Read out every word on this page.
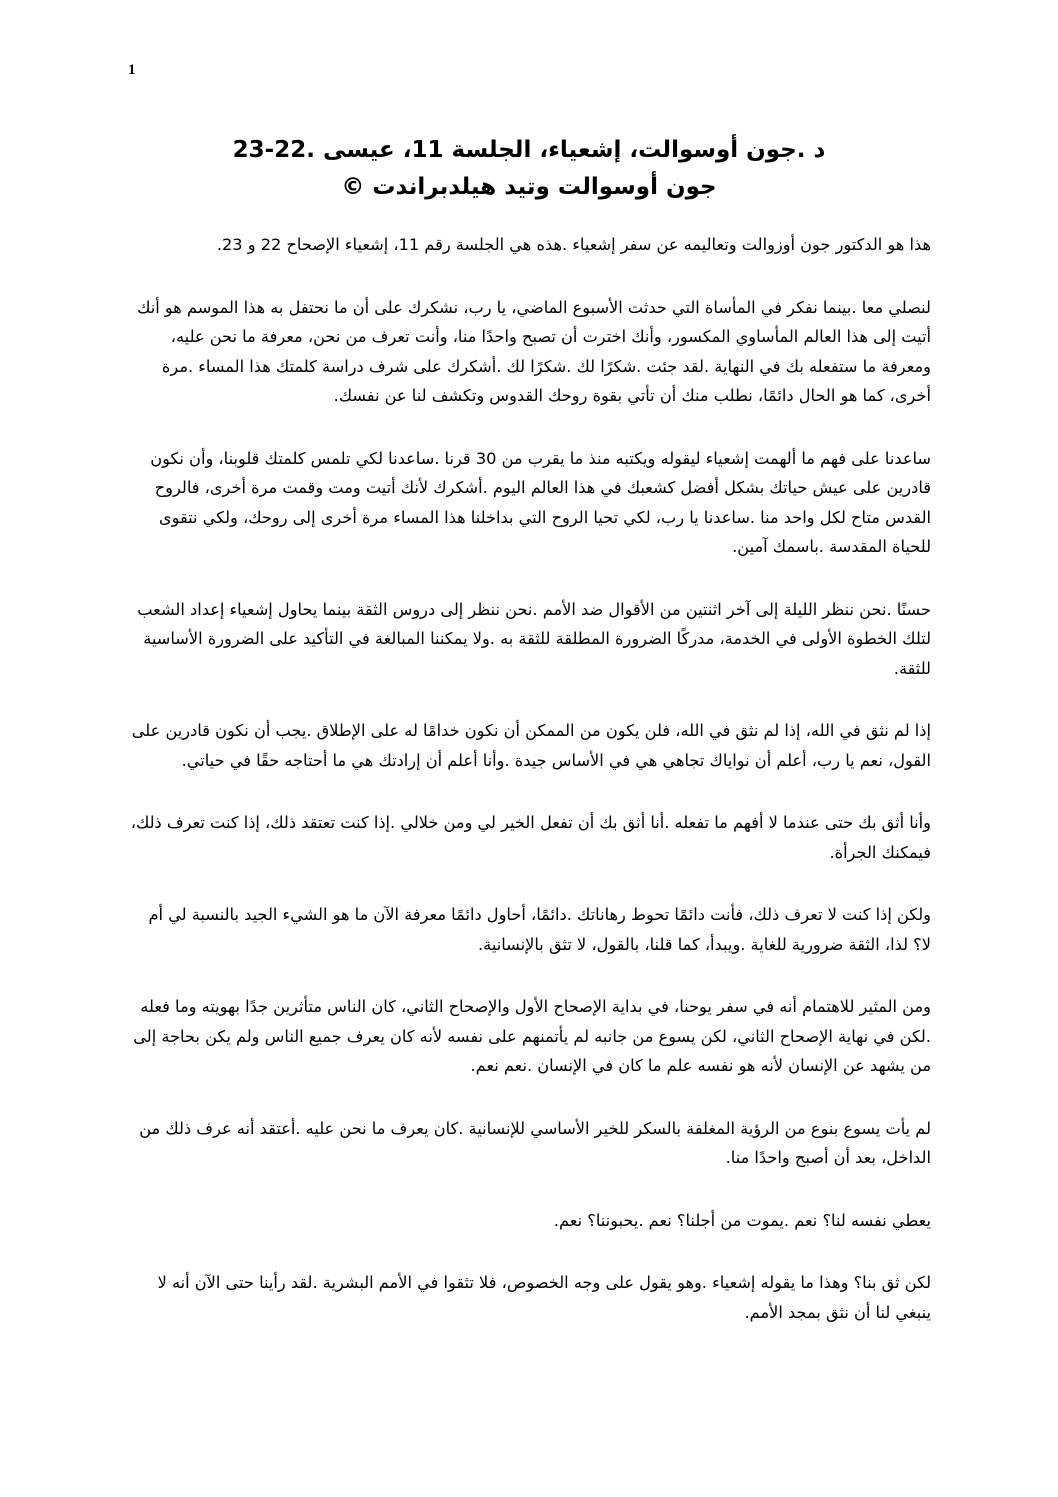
1
د .جون أوسوالت، إشعياء، الجلسة 11، عيسى .22-23
جون أوسوالت وتيد هيلدبراندت ©

هذا هو الدكتور جون أوزوالت وتعاليمه عن سفر إشعياء .هذه هي الجلسة رقم 11، إشعياء الإصحاح 22 و 23.

لنصلي معا .بينما نفكر في المأساة التي حدثت الأسبوع الماضي، يا رب، نشكرك على أن ما نحتفل به هذا الموسم هو أنك أتيت إلى هذا العالم المأساوي المكسور، وأنك اخترت أن تصبح واحدًا منا، وأنت تعرف من نحن، معرفة ما نحن عليه، ومعرفة ما ستفعله بك في النهاية .لقد جئت .شكرًا لك .شكرًا لك .أشكرك على شرف دراسة كلمتك هذا المساء .مرة أخرى، كما هو الحال دائمًا، نطلب منك أن تأتي بقوة روحك القدوس وتكشف لنا عن نفسك.

ساعدنا على فهم ما ألهمت إشعياء ليقوله ويكتبه منذ ما يقرب من 30 قرنا .ساعدنا لكي تلمس كلمتك قلوبنا، وأن نكون قادرين على عيش حياتك بشكل أفضل كشعبك في هذا العالم اليوم .أشكرك لأنك أتيت ومت وقمت مرة أخرى، فالروح القدس متاح لكل واحد منا .ساعدنا يا رب، لكي تحيا الروح التي بداخلنا هذا المساء مرة أخرى إلى روحك، ولكي نتقوى للحياة المقدسة .باسمك آمين.

حسنًا .نحن ننظر الليلة إلى آخر اثنتين من الأقوال ضد الأمم .نحن ننظر إلى دروس الثقة بينما يحاول إشعياء إعداد الشعب لتلك الخطوة الأولى في الخدمة، مدركًا الضرورة المطلقة للثقة به .ولا يمكننا المبالغة في التأكيد على الضرورة الأساسية للثقة.

إذا لم نثق في الله، إذا لم نثق في الله، فلن يكون من الممكن أن نكون خدامًا له على الإطلاق .يجب أن نكون قادرين على القول، نعم يا رب، أعلم أن نواياك تجاهي هي في الأساس جيدة .وأنا أعلم أن إرادتك هي ما أحتاجه حقًا في حياتي.

وأنا أثق بك حتى عندما لا أفهم ما تفعله .أنا أثق بك أن تفعل الخير لي ومن خلالي .إذا كنت تعتقد ذلك، إذا كنت تعرف ذلك، فيمكنك الجرأة.

ولكن إذا كنت لا تعرف ذلك، فأنت دائمًا تحوط رهاناتك .دائمًا، أحاول دائمًا معرفة الآن ما هو الشيء الجيد بالنسبة لي أم لا؟ لذا، الثقة ضرورية للغاية .ويبدأ، كما قلنا، بالقول، لا تثق بالإنسانية.

ومن المثير للاهتمام أنه في سفر يوحنا، في بداية الإصحاح الأول والإصحاح الثاني، كان الناس متأثرين جدًا بهويته وما فعله .لكن في نهاية الإصحاح الثاني، لكن يسوع من جانبه لم يأتمنهم على نفسه لأنه كان يعرف جميع الناس ولم يكن بحاجة إلى من يشهد عن الإنسان لأنه هو نفسه علم ما كان في الإنسان .نعم نعم.

لم يأت يسوع بنوع من الرؤية المغلفة بالسكر للخير الأساسي للإنسانية .كان يعرف ما نحن عليه .أعتقد أنه عرف ذلك من الداخل، بعد أن أصبح واحدًا منا.

يعطي نفسه لنا؟ نعم .يموت من أجلنا؟ نعم .يحبوننا؟ نعم.

لكن ثق بنا؟ وهذا ما يقوله إشعياء .وهو يقول على وجه الخصوص، فلا تثقوا في الأمم البشرية .لقد رأينا حتى الآن أنه لا ينبغي لنا أن نثق بمجد الأمم.
